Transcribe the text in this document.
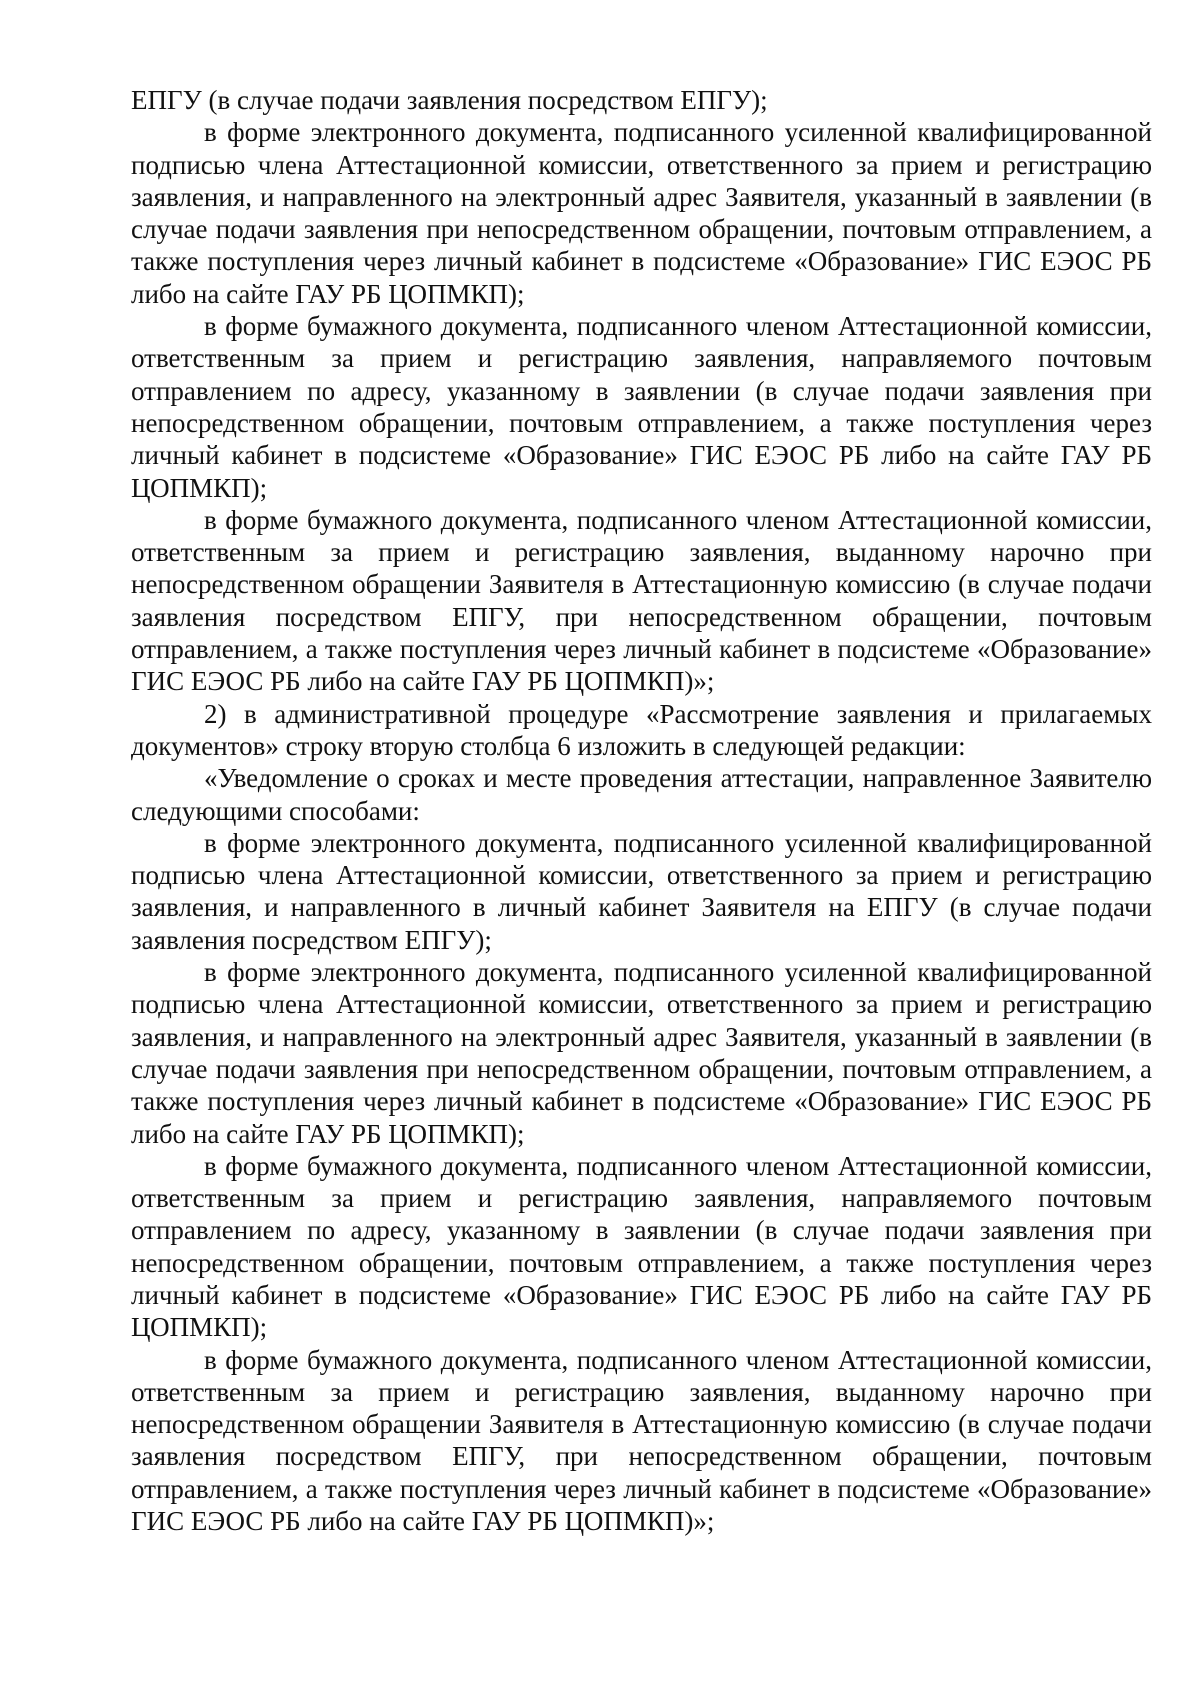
ЕПГУ (в случае подачи заявления посредством ЕПГУ);

в форме электронного документа, подписанного усиленной квалифицированной подписью члена Аттестационной комиссии, ответственного за прием и регистрацию заявления, и направленного на электронный адрес Заявителя, указанный в заявлении (в случае подачи заявления при непосредственном обращении, почтовым отправлением, а также поступления через личный кабинет в подсистеме «Образование» ГИС ЕЭОС РБ либо на сайте ГАУ РБ ЦОПМКП);

в форме бумажного документа, подписанного членом Аттестационной комиссии, ответственным за прием и регистрацию заявления, направляемого почтовым отправлением по адресу, указанному в заявлении (в случае подачи заявления при непосредственном обращении, почтовым отправлением, а также поступления через личный кабинет в подсистеме «Образование» ГИС ЕЭОС РБ либо на сайте ГАУ РБ ЦОПМКП);

в форме бумажного документа, подписанного членом Аттестационной комиссии, ответственным за прием и регистрацию заявления, выданному нарочно при непосредственном обращении Заявителя в Аттестационную комиссию (в случае подачи заявления посредством ЕПГУ, при непосредственном обращении, почтовым отправлением, а также поступления через личный кабинет в подсистеме «Образование» ГИС ЕЭОС РБ либо на сайте ГАУ РБ ЦОПМКП)»;

2) в административной процедуре «Рассмотрение заявления и прилагаемых документов» строку вторую столбца 6 изложить в следующей редакции:

«Уведомление о сроках и месте проведения аттестации, направленное Заявителю следующими способами:

в форме электронного документа, подписанного усиленной квалифицированной подписью члена Аттестационной комиссии, ответственного за прием и регистрацию заявления, и направленного в личный кабинет Заявителя на ЕПГУ (в случае подачи заявления посредством ЕПГУ);

в форме электронного документа, подписанного усиленной квалифицированной подписью члена Аттестационной комиссии, ответственного за прием и регистрацию заявления, и направленного на электронный адрес Заявителя, указанный в заявлении (в случае подачи заявления при непосредственном обращении, почтовым отправлением, а также поступления через личный кабинет в подсистеме «Образование» ГИС ЕЭОС РБ либо на сайте ГАУ РБ ЦОПМКП);

в форме бумажного документа, подписанного членом Аттестационной комиссии, ответственным за прием и регистрацию заявления, направляемого почтовым отправлением по адресу, указанному в заявлении (в случае подачи заявления при непосредственном обращении, почтовым отправлением, а также поступления через личный кабинет в подсистеме «Образование» ГИС ЕЭОС РБ либо на сайте ГАУ РБ ЦОПМКП);

в форме бумажного документа, подписанного членом Аттестационной комиссии, ответственным за прием и регистрацию заявления, выданному нарочно при непосредственном обращении Заявителя в Аттестационную комиссию (в случае подачи заявления посредством ЕПГУ, при непосредственном обращении, почтовым отправлением, а также поступления через личный кабинет в подсистеме «Образование» ГИС ЕЭОС РБ либо на сайте ГАУ РБ ЦОПМКП)»;
